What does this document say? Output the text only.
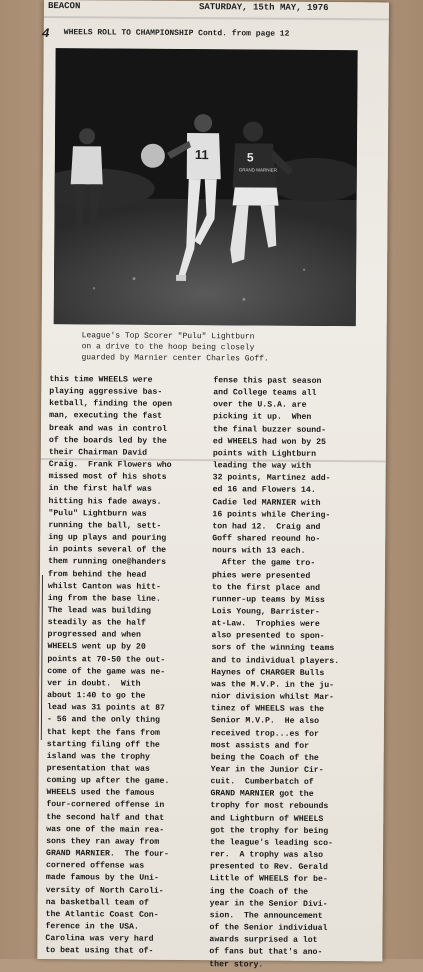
BEACON	SATURDAY, 15th MAY, 1976
4 WHEELS ROLL TO CHAMPIONSHIP Contd. from page 12
11	5
GRAND MARNIER
League's Top Scorer "Pulu" Lightburn
on a drive to the hoop being closely
guarded by Marnier center Charles Goff.
this time WHEELS were
playing aggressive bas-
ketball, finding the open
man, executing the fast
break and was in control
of the boards led by the
their Chairman David
Craig.  Frank Flowers who
missed most of his shots
in the first half was
hitting his fade aways.
"Pulu" Lightburn was
running the ball, sett-
ing up plays and pouring
in points several of the
them running one@handers
from behind the head
whilst Canton was hitt-
ing from the base line.
The lead was building
steadily as the half
progressed and when
WHEELS went up by 20
points at 70-50 the out-
come of the game was ne-
ver in doubt.  With
about 1:40 to go the
lead was 31 points at 87
- 56 and the only thing
that kept the fans from
starting filing off the
island was the trophy
presentation that was
coming up after the game.
WHEELS used the famous
four-cornered offense in
the second half and that
was one of the main rea-
sons they ran away from
GRAND MARNIER.  The four-
cornered offense was
made famous by the Uni-
versity of North Caroli-
na basketball team of
the Atlantic Coast Con-
ference in the USA.
Carolina was very hard
to beat using that of-
fense this past season
and College teams all
over the U.S.A. are
picking it up.  When
the final buzzer sound-
ed WHEELS had won by 25
points with Lightburn
leading the way with
32 points, Martinez add-
ed 16 and Flowers 14.
Cadie led MARNIER with
16 points while Chering-
ton had 12.  Craig and
Goff shared reound ho-
nours with 13 each.
After the game tro-
phies were presented
to the first place and
runner-up teams by Miss
Lois Young, Barrister-
at-Law.  Trophies were
also presented to spon-
sors of the winning teams
and to individual players.
Haynes of CHARGER Bulls
was the M.V.P. in the ju-
nior division whilst Mar-
tinez of WHEELS was the
Senior M.V.P.  He also
received trop...es for
most assists and for
being the Coach of the
Year in the Junior Cir-
cuit.  Cumberbatch of
GRAND MARNIER got the
trophy for most rebounds
and Lightburn of WHEELS
got the trophy for being
the league's leading sco-
rer.  A trophy was also
presented to Rev. Gerald
Little of WHEELS for be-
ing the Coach of the
year in the Senior Divi-
sion.  The announcement
of the Senior individual
awards surprised a lot
of fans but that's ano-
ther story.
